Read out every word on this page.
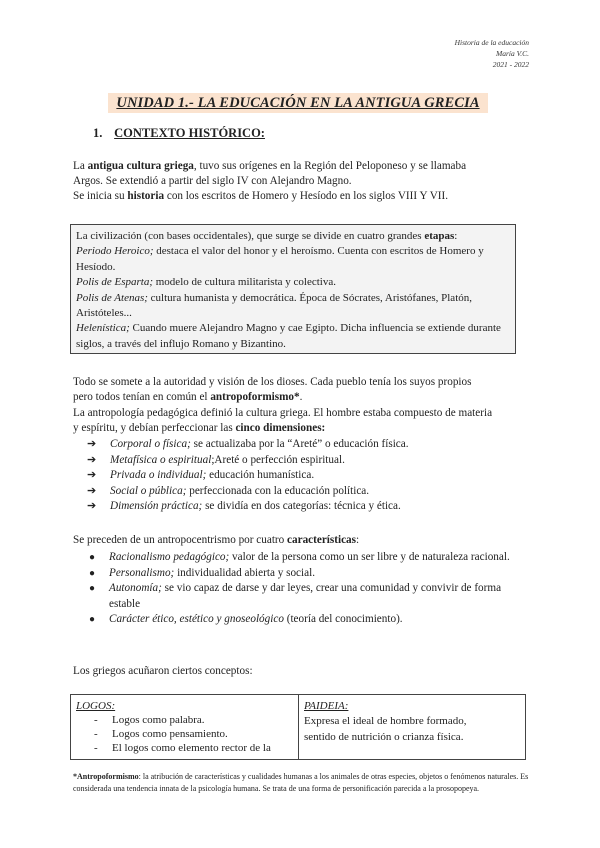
Historia de la educación
María V.C.
2021 - 2022
UNIDAD 1.- LA EDUCACIÓN EN LA ANTIGUA GRECIA
1. CONTEXTO HISTÓRICO:
La antigua cultura griega, tuvo sus orígenes en la Región del Peloponeso y se llamaba
Argos. Se extendió a partir del siglo IV con Alejandro Magno.
Se inicia su historia con los escritos de Homero y Hesíodo en los siglos VIII Y VII.
La civilización (con bases occidentales), que surge se divide en cuatro grandes etapas:
Periodo Heroico; destaca el valor del honor y el heroísmo. Cuenta con escritos de Homero y Hesíodo.
Polis de Esparta; modelo de cultura militarista y colectiva.
Polis de Atenas; cultura humanista y democrática. Época de Sócrates, Aristófanes, Platón, Aristóteles...
Helenística; Cuando muere Alejandro Magno y cae Egipto. Dicha influencia se extiende durante siglos, a través del influjo Romano y Bizantino.
Todo se somete a la autoridad y visión de los dioses. Cada pueblo tenía los suyos propios
pero todos tenían en común el antropoformismo*.
La antropología pedagógica definió la cultura griega. El hombre estaba compuesto de materia
y espíritu, y debían perfeccionar las cinco dimensiones:
➔ Corporal o física; se actualizaba por la “Areté” o educación física.
➔ Metafísica o espiritual;Areté o perfección espiritual.
➔ Privada o individual; educación humanística.
➔ Social o pública; perfeccionada con la educación política.
➔ Dimensión práctica; se dividía en dos categorías: técnica y ética.
Se preceden de un antropocentrismo por cuatro características:
● Racionalismo pedagógico; valor de la persona como un ser libre y de naturaleza racional.
● Personalismo; individualidad abierta y social.
● Autonomía; se vio capaz de darse y dar leyes, crear una comunidad y convivir de forma estable
● Carácter ético, estético y gnoseológico (teoría del conocimiento).
Los griegos acuñaron ciertos conceptos:
LOGOS:
- Logos como palabra.
- Logos como pensamiento.
- El logos como elemento rector de la
PAIDEIA:
Expresa el ideal de hombre formado,
sentido de nutrición o crianza física.
*Antropoformismo: la atribución de características y cualidades humanas a los animales de otras especies, objetos o fenómenos naturales. Es considerada una tendencia innata de la psicología humana. Se trata de una forma de personificación parecida a la prosopopeya.
